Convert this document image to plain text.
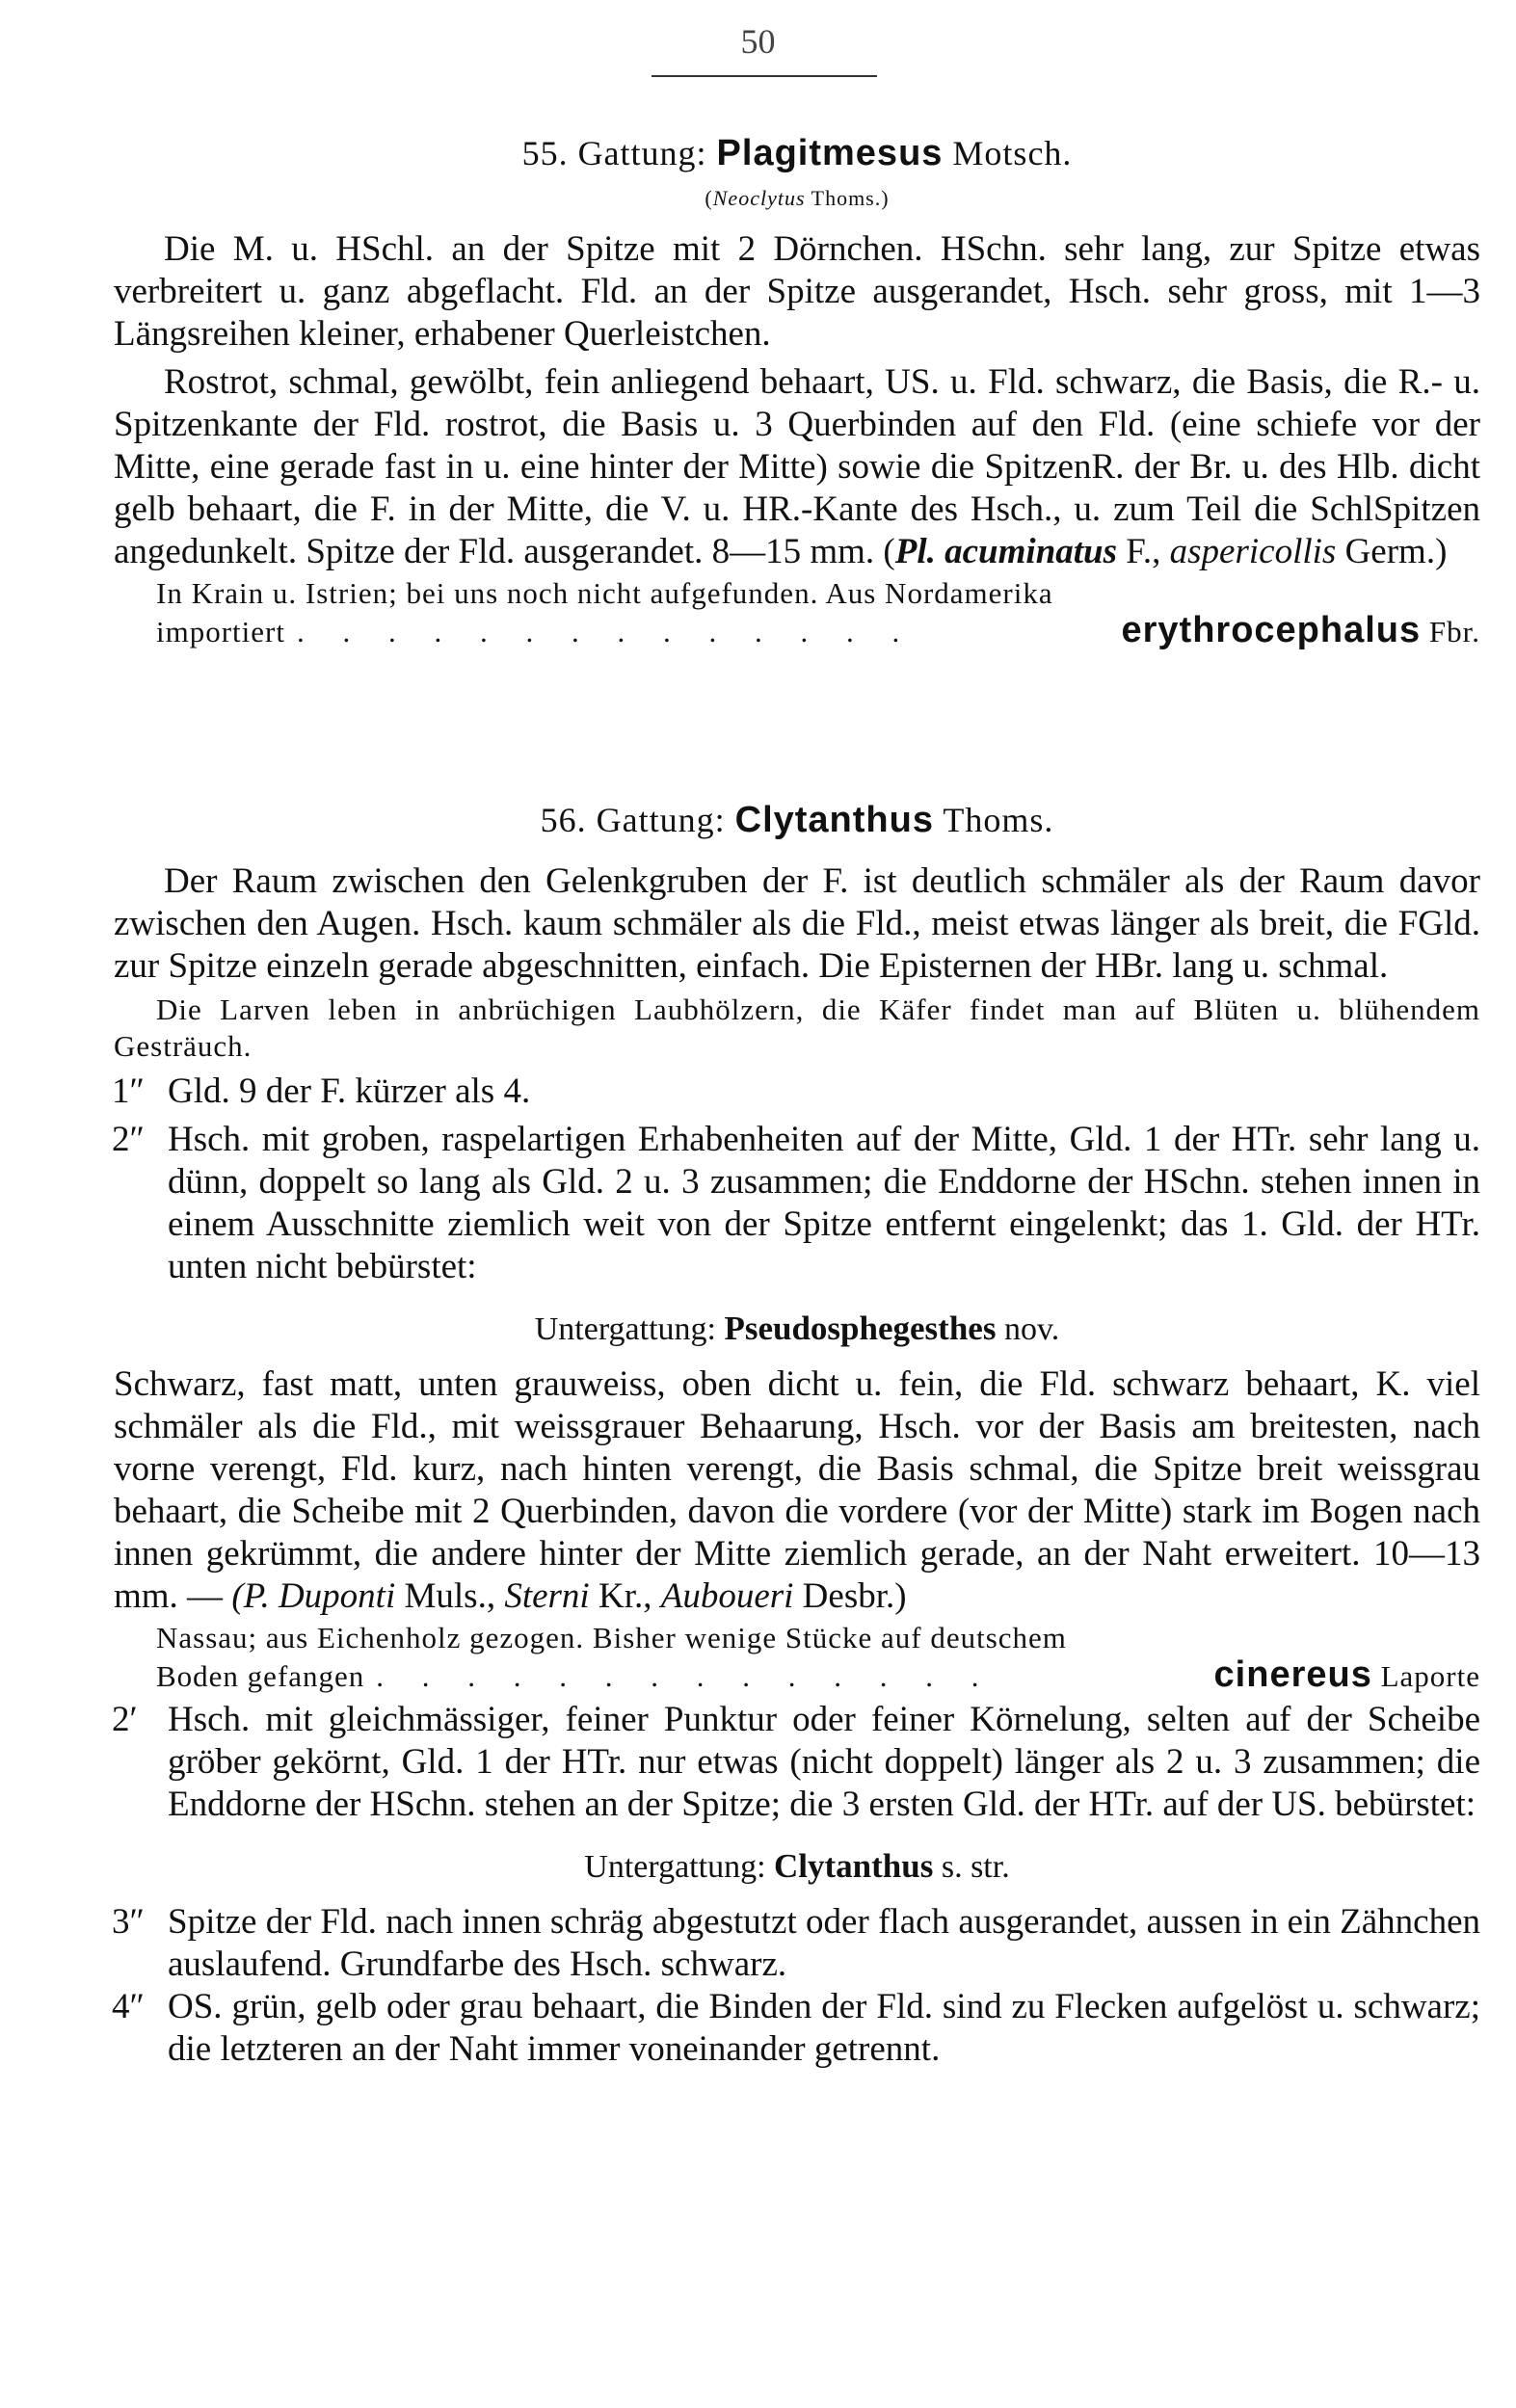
50
55. Gattung: Plagitmesus Motsch.
(Neoclytus Thoms.)
Die M. u. HSchl. an der Spitze mit 2 Dörnchen. HSchn. sehr lang, zur Spitze etwas verbreitert u. ganz abgeflacht. Fld. an der Spitze ausgerandet, Hsch. sehr gross, mit 1—3 Längsreihen kleiner, erhabener Querleistchen.
Rostrot, schmal, gewölbt, fein anliegend behaart, US. u. Fld. schwarz, die Basis, die R.- u. Spitzenkante der Fld. rostrot, die Basis u. 3 Querbinden auf den Fld. (eine schiefe vor der Mitte, eine gerade fast in u. eine hinter der Mitte) sowie die SpitzenR. der Br. u. des Hlb. dicht gelb behaart, die F. in der Mitte, die V. u. HR.-Kante des Hsch., u. zum Teil die SchlSpitzen angedunkelt. Spitze der Fld. ausgerandet. 8—15 mm. (Pl. acuminatus F., aspericollis Germ.)
In Krain u. Istrien; bei uns noch nicht aufgefunden. Aus Nordamerika
importiert . . . . . . . . . . . . . .	erythrocephalus
Fbr.
56. Gattung: Clytanthus Thoms.
Der Raum zwischen den Gelenkgruben der F. ist deutlich schmäler als der Raum davor zwischen den Augen. Hsch. kaum schmäler als die Fld., meist etwas länger als breit, die FGld. zur Spitze einzeln gerade abgeschnitten, einfach. Die Episternen der HBr. lang u. schmal.
Die Larven leben in anbrüchigen Laubhölzern, die Käfer findet man auf Blüten u. blühendem Gesträuch.
1″ Gld. 9 der F. kürzer als 4.
2″ Hsch. mit groben, raspelartigen Erhabenheiten auf der Mitte, Gld. 1 der HTr. sehr lang u. dünn, doppelt so lang als Gld. 2 u. 3 zusammen; die Enddorne der HSchn. stehen innen in einem Ausschnitte ziemlich weit von der Spitze entfernt eingelenkt; das 1. Gld. der HTr. unten nicht bebürstet:
Untergattung: Pseudosphegesthes nov.
Schwarz, fast matt, unten grauweiss, oben dicht u. fein, die Fld. schwarz behaart, K. viel schmäler als die Fld., mit weissgrauer Behaarung, Hsch. vor der Basis am breitesten, nach vorne verengt, Fld. kurz, nach hinten verengt, die Basis schmal, die Spitze breit weissgrau behaart, die Scheibe mit 2 Querbinden, davon die vordere (vor der Mitte) stark im Bogen nach innen gekrümmt, die andere hinter der Mitte ziemlich gerade, an der Naht erweitert. 10—13 mm. — (P. Duponti Muls., Sterni Kr., Auboueri Desbr.)
Nassau; aus Eichenholz gezogen. Bisher wenige Stücke auf deutschem
Boden gefangen . . . . . . . . . . . . . .	cinereus
Laporte
2′ Hsch. mit gleichmässiger, feiner Punktur oder feiner Körnelung, selten auf der Scheibe gröber gekörnt, Gld. 1 der HTr. nur etwas (nicht doppelt) länger als 2 u. 3 zusammen; die Enddorne der HSchn. stehen an der Spitze; die 3 ersten Gld. der HTr. auf der US. bebürstet:
Untergattung: Clytanthus s. str.
3″ Spitze der Fld. nach innen schräg abgestutzt oder flach ausgerandet, aussen in ein Zähnchen auslaufend. Grundfarbe des Hsch. schwarz.
4″ OS. grün, gelb oder grau behaart, die Binden der Fld. sind zu Flecken aufgelöst u. schwarz; die letzteren an der Naht immer voneinander getrennt.
